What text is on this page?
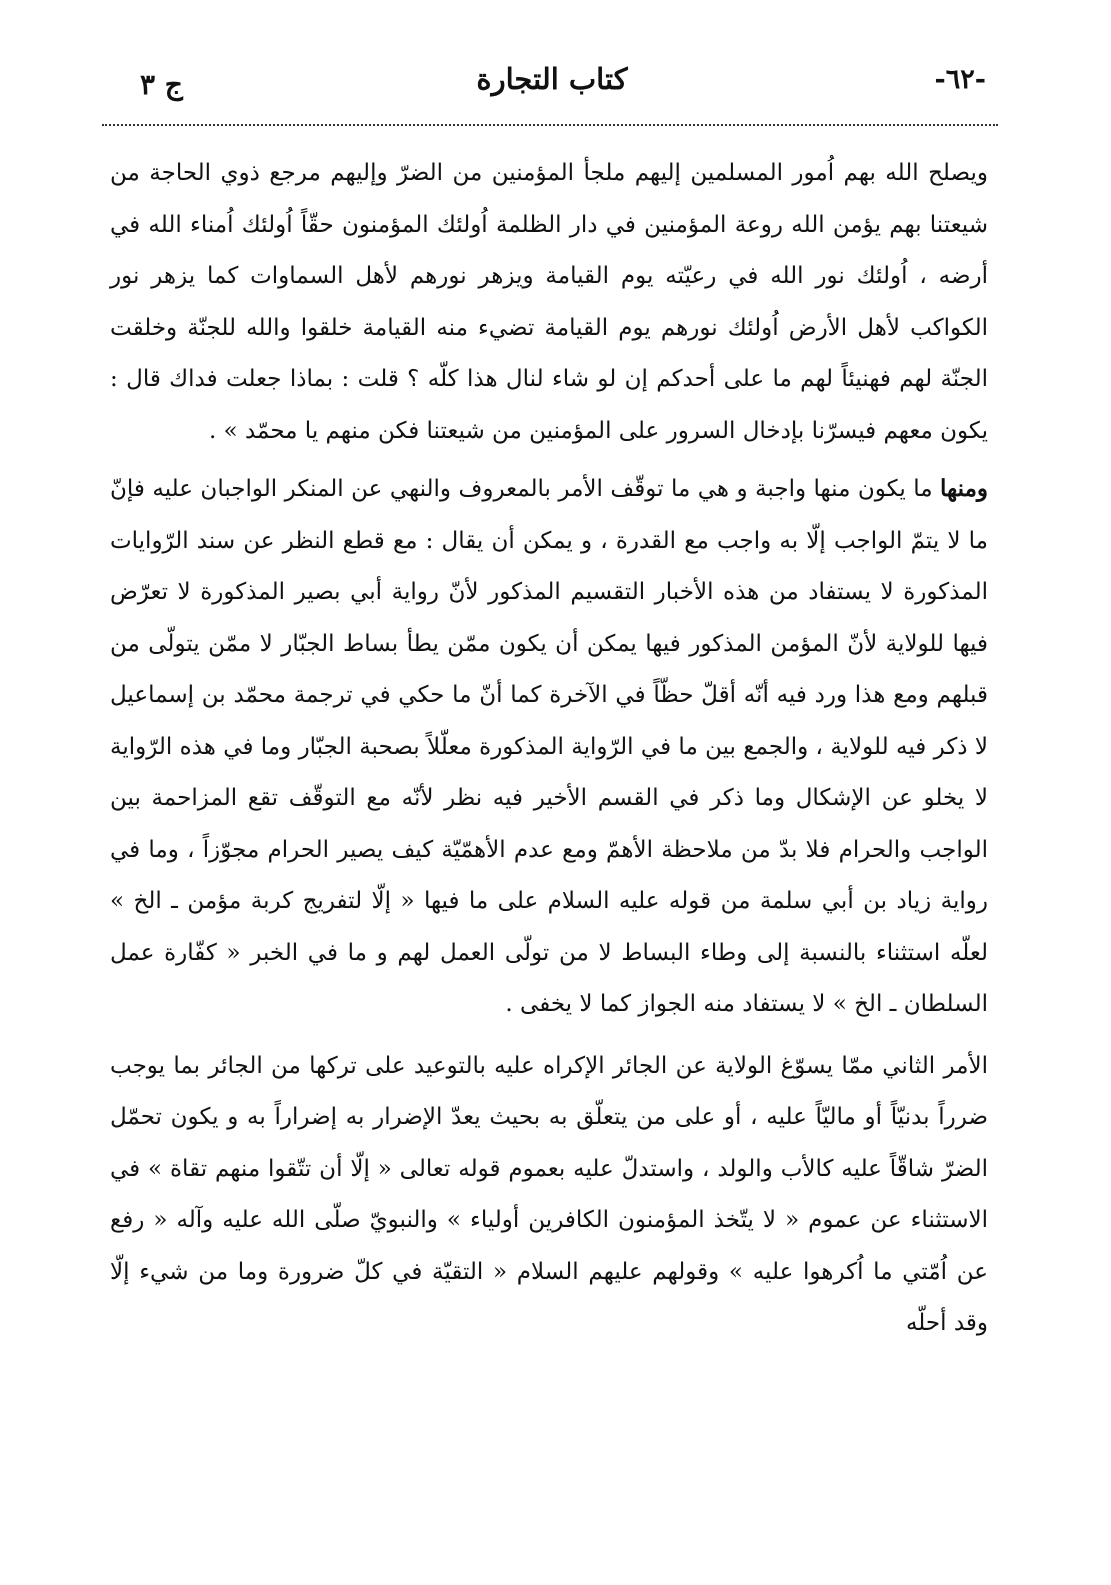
-٦٢-
كتاب التجارة
ج ٣

ويصلح الله بهم اُمور المسلمين إليهم ملجأ المؤمنين من الضرّ وإليهم مرجع ذوي الحاجة من شيعتنا بهم يؤمن الله روعة المؤمنين في دار الظلمة اُولئك المؤمنون حقّاً اُولئك اُمناء الله في أرضه ، اُولئك نور الله في رعيّته يوم القيامة ويزهر نورهم لأهل السماوات كما يزهر نور الكواكب لأهل الأرض اُولئك نورهم يوم القيامة تضيء منه القيامة خلقوا والله للجنّة وخلقت الجنّة لهم فهنيئاً لهم ما على أحدكم إن لو شاء لنال هذا كلّه ؟ قلت : بماذا جعلت فداك قال : يكون معهم فيسرّنا بإدخال السرور على المؤمنين من شيعتنا فكن منهم يا محمّد » .

ومنها ما يكون منها واجبة و هي ما توقّف الأمر بالمعروف والنهي عن المنكر الواجبان عليه فإنّ ما لا يتمّ الواجب إلّا به واجب مع القدرة ، و يمكن أن يقال : مع قطع النظر عن سند الرّوايات المذكورة لا يستفاد من هذه الأخبار التقسيم المذكور لأنّ رواية أبي بصير المذكورة لا تعرّض فيها للولاية لأنّ المؤمن المذكور فيها يمكن أن يكون ممّن يطأ بساط الجبّار لا ممّن يتولّى من قبلهم ومع هذا ورد فيه أنّه أقلّ حظّاً في الآخرة كما أنّ ما حكي في ترجمة محمّد بن إسماعيل لا ذكر فيه للولاية ، والجمع بين ما في الرّواية المذكورة معلّلاً بصحبة الجبّار وما في هذه الرّواية لا يخلو عن الإشكال وما ذكر في القسم الأخير فيه نظر لأنّه مع التوقّف تقع المزاحمة بين الواجب والحرام فلا بدّ من ملاحظة الأهمّ ومع عدم الأهمّيّة كيف يصير الحرام مجوّزاً ، وما في رواية زياد بن أبي سلمة من قوله عليه السلام على ما فيها « إلّا لتفريج كربة مؤمن ـ الخ » لعلّه استثناء بالنسبة إلى وطاء البساط لا من تولّى العمل لهم و ما في الخبر « كفّارة عمل السلطان ـ الخ » لا يستفاد منه الجواز كما لا يخفى .

الأمر الثاني ممّا يسوّغ الولاية عن الجائر الإكراه عليه بالتوعيد على تركها من الجائر بما يوجب ضرراً بدنيّاً أو ماليّاً عليه ، أو على من يتعلّق به بحيث يعدّ الإضرار به إضراراً به و يكون تحمّل الضرّ شاقّاً عليه كالأب والولد ، واستدلّ عليه بعموم قوله تعالى « إلّا أن تتّقوا منهم تقاة » في الاستثناء عن عموم « لا يتّخذ المؤمنون الكافرين أولياء » والنبويّ صلّى الله عليه وآله « رفع عن اُمّتي ما اُكرهوا عليه » وقولهم عليهم السلام « التقيّة في كلّ ضرورة وما من شيء إلّا وقد أحلّه
